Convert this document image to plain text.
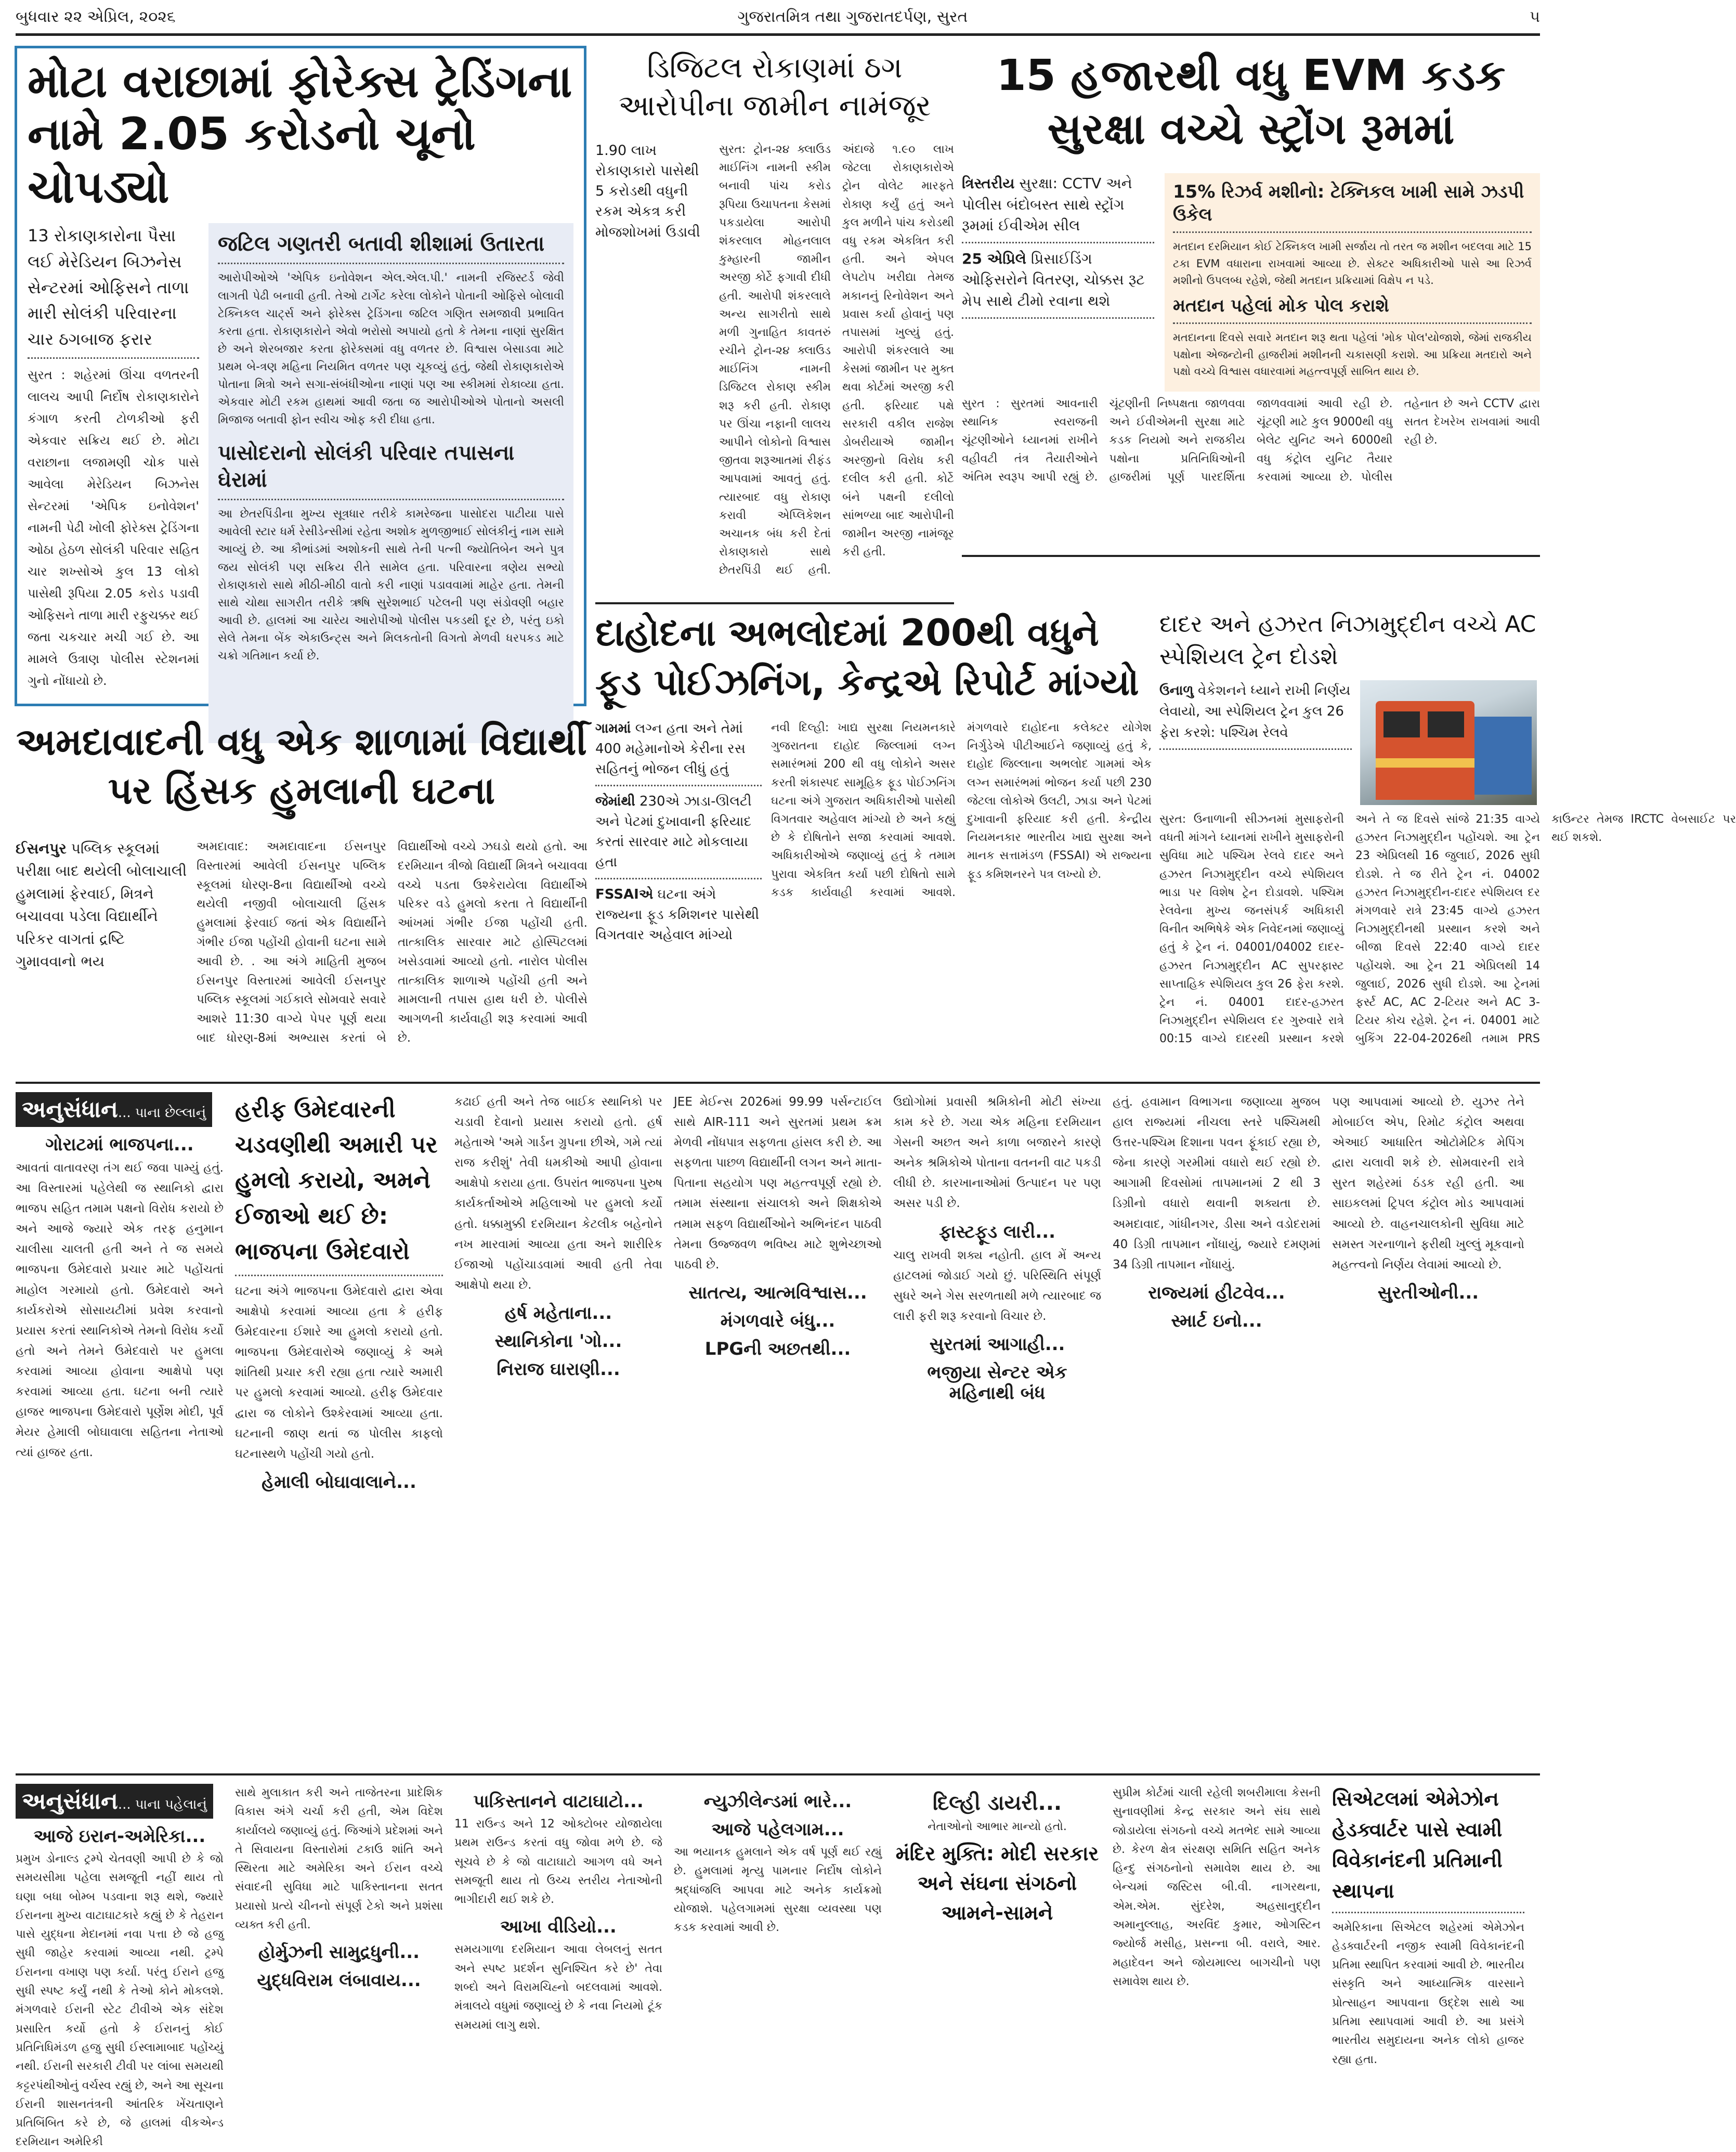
બુધવાર ૨૨ એપ્રિલ, ૨૦૨૬	ગુજરાતમિત્ર તથા ગુજરાતદર્પણ, સુરત	૫
મોટા વરાછામાં ફોરેક્સ ટ્રેડિંગના નામે 2.05 કરોડનો ચૂનો ચોપડ્યો
13 રોકાણકારોના પૈસા લઈ મેરેડિયન બિઝનેસ સેન્ટરમાં ઓફિસને તાળા મારી સોલંકી પરિવારના ચાર ઠગબાજ ફરાર
સુરત : શહેરમાં ઊંચા વળતરની લાલચ આપી નિર્દોષ રોકાણકારોને કંગાળ કરતી ટોળકીઓ ફરી એકવાર સક્રિય થઈ છે. મોટા વરાછાના લજામણી ચોક પાસે આવેલા મેરેડિયન બિઝનેસ સેન્ટરમાં 'એપિક ઇનોવેશન' નામની પેઢી ખોલી ફોરેક્સ ટ્રેડિંગના ઓઠા હેઠળ સોલંકી પરિવાર સહિત ચાર શખ્સોએ કુલ 13 લોકો પાસેથી રૂપિયા 2.05 કરોડ પડાવી ઓફિસને તાળા મારી રફુચક્કર થઈ જતા ચકચાર મચી ગઈ છે. આ મામલે ઉત્રાણ પોલીસ સ્ટેશનમાં ગુનો નોંધાયો છે.
જટિલ ગણતરી બતાવી શીશામાં ઉતારતા
આરોપીઓએ 'એપિક ઇનોવેશન એલ.એલ.પી.' નામની રજિસ્ટર્ડ જેવી લાગતી પેઢી બનાવી હતી. તેઓ ટાર્ગેટ કરેલા લોકોને પોતાની ઓફિસે બોલાવી ટેક્નિકલ ચાર્ટ્સ અને ફોરેક્સ ટ્રેડિંગના જટિલ ગણિત સમજાવી પ્રભાવિત કરતા હતા. રોકાણકારોને એવો ભરોસો અપાયો હતો કે તેમના નાણાં સુરક્ષિત છે અને શેરબજાર કરતા ફોરેક્સમાં વધુ વળતર છે. વિશ્વાસ બેસાડવા માટે પ્રથમ બે-ત્રણ મહિના નિયમિત વળતર પણ ચૂકવ્યું હતું, જેથી રોકાણકારોએ પોતાના મિત્રો અને સગા-સંબંધીઓના નાણાં પણ આ સ્કીમમાં રોકાવ્યા હતા. એકવાર મોટી રકમ હાથમાં આવી જતા જ આરોપીઓએ પોતાનો અસલી મિજાજ બતાવી ફોન સ્વીચ ઓફ કરી દીધા હતા.
પાસોદરાનો સોલંકી પરિવાર તપાસના ઘેરામાં
આ છેતરપિંડીના મુખ્ય સૂત્રધાર તરીકે કામરેજના પાસોદરા પાટીયા પાસે આવેલી સ્ટાર ધર્મ રેસીડેન્સીમાં રહેતા અશોક મુળજીભાઈ સોલંકીનું નામ સામે આવ્યું છે. આ કૌભાંડમાં અશોકની સાથે તેની પત્ની જ્યોતિબેન અને પુત્ર જય સોલંકી પણ સક્રિય રીતે સામેલ હતા. પરિવારના ત્રણેય સભ્યો રોકાણકારો સાથે મીઠી-મીઠી વાતો કરી નાણાં પડાવવામાં માહેર હતા. તેમની સાથે ચોથા સાગરીત તરીકે ઋષિ સુરેશભાઈ પટેલની પણ સંડોવણી બહાર આવી છે. હાલમાં આ ચારેય આરોપીઓ પોલીસ પકડથી દૂર છે, પરંતુ ઇકો સેલે તેમના બેંક એકાઉન્ટ્સ અને મિલકતોની વિગતો મેળવી ધરપકડ માટે ચક્રો ગતિમાન કર્યા છે.
ડિજિટલ રોકાણમાં ઠગ આરોપીના જામીન નામંજૂર
1.90 લાખ રોકાણકારો પાસેથી 5 કરોડથી વધુની રકમ એકત્ર કરી મોજશોખમાં ઉડાવી
સુરત: ટ્રોન-૨૪ ક્લાઉડ માઈનિંગ નામની સ્કીમ બનાવી પાંચ કરોડ રૂપિયા ઉચાપતના કેસમાં પકડાયેલા આરોપી શંકરલાલ મોહનલાલ કુમ્હારની જામીન અરજી કોર્ટે ફગાવી દીધી હતી. આરોપી શંકરલાલે અન્ય સાગરીતો સાથે મળી ગુનાહિત કાવતરું રચીને ટ્રોન-૨૪ ક્લાઉડ માઈનિંગ નામની ડિજિટલ રોકાણ સ્કીમ શરૂ કરી હતી. રોકાણ પર ઊંચા નફાની લાલચ આપીને લોકોનો વિશ્વાસ જીતવા શરૂઆતમાં રીફંડ આપવામાં આવતું હતું. ત્યારબાદ વધુ રોકાણ કરાવી એપ્લિકેશન અચાનક બંધ કરી દેતાં રોકાણકારો સાથે છેતરપિંડી થઈ હતી. અંદાજે ૧.૯૦ લાખ જેટલા રોકાણકારોએ ટ્રોન વોલેટ મારફતે રોકાણ કર્યું હતું અને કુલ મળીને પાંચ કરોડથી વધુ રકમ એકત્રિત કરી હતી. અને એપલ લેપટોપ ખરીદ્યા તેમજ મકાનનું રિનોવેશન અને પ્રવાસ કર્યા હોવાનું પણ તપાસમાં ખુલ્યું હતું. આરોપી શંકરલાલે આ કેસમાં જામીન પર મુક્ત થવા કોર્ટમાં અરજી કરી હતી. ફરિયાદ પક્ષે સરકારી વકીલ રાજેશ ડોબરીયાએ જામીન અરજીનો વિરોધ કરી દલીલ કરી હતી. કોર્ટે બંને પક્ષની દલીલો સાંભળ્યા બાદ આરોપીની જામીન અરજી નામંજૂર કરી હતી.
15 હજારથી વધુ EVM કડક સુરક્ષા વચ્ચે સ્ટ્રોંગ રૂમમાં
ત્રિસ્તરીય સુરક્ષા: CCTV અને પોલીસ બંદોબસ્ત સાથે સ્ટ્રોંગ રૂમમાં ઈવીએમ સીલ
25 એપ્રિલે પ્રિસાઈડિંગ ઓફિસરોને વિતરણ, ચોક્કસ રૂટ મેપ સાથે ટીમો રવાના થશે
15% રિઝર્વ મશીનો: ટેક્નિકલ ખામી સામે ઝડપી ઉકેલ
મતદાન દરમિયાન કોઈ ટેક્નિકલ ખામી સર્જાય તો તરત જ મશીન બદલવા માટે 15 ટકા EVM વધારાના રાખવામાં આવ્યા છે. સેક્ટર અધિકારીઓ પાસે આ રિઝર્વ મશીનો ઉપલબ્ધ રહેશે, જેથી મતદાન પ્રક્રિયામાં વિક્ષેપ ન પડે.
મતદાન પહેલાં મોક પોલ કરાશે
મતદાનના દિવસે સવારે મતદાન શરૂ થતા પહેલાં 'મોક પોલ'યોજાશે, જેમાં રાજકીય પક્ષોના એજન્ટોની હાજરીમાં મશીનની ચકાસણી કરાશે. આ પ્રક્રિયા મતદારો અને પક્ષો વચ્ચે વિશ્વાસ વધારવામાં મહત્ત્વપૂર્ણ સાબિત થાય છે.
સુરત : સુરતમાં આવનારી સ્થાનિક સ્વરાજની ચૂંટણીઓને ધ્યાનમાં રાખીને વહીવટી તંત્ર તૈયારીઓને અંતિમ સ્વરૂપ આપી રહ્યું છે. ચૂંટણીની નિષ્પક્ષતા જાળવવા અને ઈવીએમની સુરક્ષા માટે કડક નિયમો અને રાજકીય પક્ષોના પ્રતિનિધિઓની હાજરીમાં પૂર્ણ પારદર્શિતા જાળવવામાં આવી રહી છે. ચૂંટણી માટે કુલ 9000થી વધુ બેલેટ યુનિટ અને 6000થી વધુ કંટ્રોલ યુનિટ તૈયાર કરવામાં આવ્યા છે. પોલીસ તહેનાત છે અને CCTV દ્વારા સતત દેખરેખ રાખવામાં આવી રહી છે.
અમદાવાદની વધુ એક શાળામાં વિદ્યાર્થી પર હિંસક હુમલાની ઘટના
ઈસનપુર પબ્લિક સ્કૂલમાં પરીક્ષા બાદ થયેલી બોલાચાલી હુમલામાં ફેરવાઈ, મિત્રને બચાવવા પડેલા વિદ્યાર્થીને પરિકર વાગતાં દ્રષ્ટિ ગુમાવવાનો ભય
અમદાવાદ: અમદાવાદના ઈસનપુર વિસ્તારમાં આવેલી ઈસનપુર પબ્લિક સ્કૂલમાં ધોરણ-8ના વિદ્યાર્થીઓ વચ્ચે થયેલી નજીવી બોલાચાલી હિંસક હુમલામાં ફેરવાઈ જતાં એક વિદ્યાર્થીને ગંભીર ઈજા પહોંચી હોવાની ઘટના સામે આવી છે. . આ અંગે માહિતી મુજબ ઈસનપુર વિસ્તારમાં આવેલી ઈસનપુર પબ્લિક સ્કૂલમાં ગઈકાલે સોમવારે સવારે આશરે 11:30 વાગ્યે પેપર પૂર્ણ થયા બાદ ધોરણ-8માં અભ્યાસ કરતાં બે વિદ્યાર્થીઓ વચ્ચે ઝઘડો થયો હતો. આ દરમિયાન ત્રીજો વિદ્યાર્થી મિત્રને બચાવવા વચ્ચે પડતા ઉશ્કેરાયેલા વિદ્યાર્થીએ પરિકર વડે હુમલો કરતા તે વિદ્યાર્થીની આંખમાં ગંભીર ઈજા પહોંચી હતી. તાત્કાલિક સારવાર માટે હોસ્પિટલમાં ખસેડવામાં આવ્યો હતો. નારોલ પોલીસ તાત્કાલિક શાળાએ પહોંચી હતી અને મામલાની તપાસ હાથ ધરી છે. પોલીસે આગળની કાર્યવાહી શરૂ કરવામાં આવી છે.
દાહોદના અભલોદમાં 200થી વધુને ફૂડ પોઈઝનિંગ, કેન્દ્રએ રિપોર્ટ માંગ્યો
ગામમાં લગ્ન હતા અને તેમાં 400 મહેમાનોએ કેરીના રસ સહિતનું ભોજન લીધું હતું
જેમાંથી 230એ ઝાડા-ઊલટી અને પેટમાં દુખાવાની ફરિયાદ કરતાં સારવાર માટે મોકલાયા હતા
FSSAIએ ઘટના અંગે રાજ્યના ફૂડ કમિશનર પાસેથી વિગતવાર અહેવાલ માંગ્યો
નવી દિલ્હી: ખાદ્ય સુરક્ષા નિયમનકારે ગુજરાતના દાહોદ જિલ્લામાં લગ્ન સમારંભમાં 200 થી વધુ લોકોને અસર કરતી શંકાસ્પદ સામૂહિક ફૂડ પોઈઝનિંગ ઘટના અંગે ગુજરાત અધિકારીઓ પાસેથી વિગતવાર અહેવાલ માંગ્યો છે અને કહ્યું છે કે દોષિતોને સજા કરવામાં આવશે. અધિકારીઓએ જણાવ્યું હતું કે તમામ પુરાવા એકત્રિત કર્યા પછી દોષિતો સામે કડક કાર્યવાહી કરવામાં આવશે. મંગળવારે દાહોદના કલેક્ટર યોગેશ નિર્ગુડેએ પીટીઆઈને જણાવ્યું હતું કે, દાહોદ જિલ્લાના અભલોદ ગામમાં એક લગ્ન સમારંભમાં ભોજન કર્યા પછી 230 જેટલા લોકોએ ઉલટી, ઝાડા અને પેટમાં દુખાવાની ફરિયાદ કરી હતી. કેન્દ્રીય નિયમનકાર ભારતીય ખાદ્ય સુરક્ષા અને માનક સત્તામંડળ (FSSAI) એ રાજ્યના ફૂડ કમિશનરને પત્ર લખ્યો છે.
દાદર અને હઝરત નિઝામુદ્દીન વચ્ચે AC સ્પેશિયલ ટ્રેન દોડશે
ઉનાળુ વેકેશનને ધ્યાને રાખી નિર્ણય લેવાયો, આ સ્પેશિયલ ટ્રેન કુલ 26 ફેરા કરશે: પશ્ચિમ રેલવે
સુરત: ઉનાળાની સીઝનમાં મુસાફરોની વધતી માંગને ધ્યાનમાં રાખીને મુસાફરોની સુવિધા માટે પશ્ચિમ રેલવે દાદર અને હઝરત નિઝામુદ્દીન વચ્ચે સ્પેશિયલ ભાડા પર વિશેષ ટ્રેન દોડાવશે. પશ્ચિમ રેલવેના મુખ્ય જનસંપર્ક અધિકારી વિનીત અભિષેકે એક નિવેદનમાં જણાવ્યું હતું કે ટ્રેન નં. 04001/04002 દાદર-હઝરત નિઝામુદ્દીન AC સુપરફાસ્ટ સાપ્તાહિક સ્પેશિયલ કુલ 26 ફેરા કરશે. ટ્રેન નં. 04001 દાદર-હઝરત નિઝામુદ્દીન સ્પેશિયલ દર ગુરુવારે રાત્રે 00:15 વાગ્યે દાદરથી પ્રસ્થાન કરશે અને તે જ દિવસે સાંજે 21:35 વાગ્યે હઝરત નિઝામુદ્દીન પહોંચશે. આ ટ્રેન 23 એપ્રિલથી 16 જુલાઈ, 2026 સુધી દોડશે. તે જ રીતે ટ્રેન નં. 04002 હઝરત નિઝામુદ્દીન-દાદર સ્પેશિયલ દર મંગળવારે રાત્રે 23:45 વાગ્યે હઝરત નિઝામુદ્દીનથી પ્રસ્થાન કરશે અને બીજા દિવસે 22:40 વાગ્યે દાદર પહોંચશે. આ ટ્રેન 21 એપ્રિલથી 14 જુલાઈ, 2026 સુધી દોડશે. આ ટ્રેનમાં ફર્સ્ટ AC, AC 2-ટિયર અને AC 3-ટિયર કોચ રહેશે. ટ્રેન નં. 04001 માટે બુકિંગ 22-04-2026થી તમામ PRS કાઉન્ટર તેમજ IRCTC વેબસાઈટ પર થઈ શકશે.
અનુસંધાન... પાના છેલ્લાનું
ગોરાટમાં ભાજપના...
આવતાં વાતાવરણ તંગ થઈ જવા પામ્યું હતું. આ વિસ્તારમાં પહેલેથી જ સ્થાનિકો દ્વારા ભાજપ સહિત તમામ પક્ષનો વિરોધ કરાયો છે અને આજે જ્યારે એક તરફ હનુમાન ચાલીસા ચાલતી હતી અને તે જ સમયે ભાજપના ઉમેદવારો પ્રચાર માટે પહોંચતાં માહોલ ગરમાયો હતો. ઉમેદવારો અને કાર્યકરોએ સોસાયટીમાં પ્રવેશ કરવાનો પ્રયાસ કરતાં સ્થાનિકોએ તેમનો વિરોધ કર્યો હતો અને તેમને ઉમેદવારો પર હુમલા કરવામાં આવ્યા હોવાના આક્ષેપો પણ કરવામાં આવ્યા હતા. ઘટના બની ત્યારે હાજર ભાજપના ઉમેદવારો પૂર્ણેશ મોદી, પૂર્વ મેયર હેમાલી બોઘાવાલા સહિતના નેતાઓ ત્યાં હાજર હતા.
હરીફ ઉમેદવારની ચડવણીથી અમારી પર હુમલો કરાયો, અમને ઈજાઓ થઈ છે: ભાજપના ઉમેદવારો
ઘટના અંગે ભાજપના ઉમેદવારો દ્વારા એવા આક્ષેપો કરવામાં આવ્યા હતા કે હરીફ ઉમેદવારના ઈશારે આ હુમલો કરાયો હતો. ભાજપના ઉમેદવારોએ જણાવ્યું કે અમે શાંતિથી પ્રચાર કરી રહ્યા હતા ત્યારે અમારી પર હુમલો કરવામાં આવ્યો. હરીફ ઉમેદવાર દ્વારા જ લોકોને ઉશ્કેરવામાં આવ્યા હતા. ઘટનાની જાણ થતાં જ પોલીસ કાફલો ઘટનાસ્થળે પહોંચી ગયો હતો.
હેમાલી બોઘાવાલાને...
કઢાઈ હતી અને તેજ બાઈક સ્થાનિકો પર ચડાવી દેવાનો પ્રયાસ કરાયો હતો. હર્ષ મહેતાએ 'અમે ગાર્ડન ગ્રુપના છીએ, ગમે ત્યાં રાજ કરીશું' તેવી ધમકીઓ આપી હોવાના આક્ષેપો કરાયા હતા. ઉપરાંત ભાજપના પુરુષ કાર્યકર્તાઓએ મહિલાઓ પર હુમલો કર્યો હતો. ધક્કામુક્કી દરમિયાન કેટલીક બહેનોને નખ મારવામાં આવ્યા હતા અને શારીરિક ઈજાઓ પહોંચાડવામાં આવી હતી તેવા આક્ષેપો થયા છે.
હર્ષ મહેતાના...
સ્થાનિકોના 'ગો...
નિરાજ ઘારાણી...
JEE મેઈન્સ 2026માં 99.99 પર્સન્ટાઈલ સાથે AIR-111 અને સુરતમાં પ્રથમ ક્રમ મેળવી નોંધપાત્ર સફળતા હાંસલ કરી છે. આ સફળતા પાછળ વિદ્યાર્થીની લગન અને માતા-પિતાના સહયોગ પણ મહત્ત્વપૂર્ણ રહ્યો છે. તમામ સંસ્થાના સંચાલકો અને શિક્ષકોએ તમામ સફળ વિદ્યાર્થીઓને અભિનંદન પાઠવી તેમના ઉજ્જવળ ભવિષ્ય માટે શુભેચ્છાઓ પાઠવી છે.
સાતત્ય, આત્મવિશ્વાસ...
મંગળવારે બંધુ...
LPGની અછતથી...
ઉદ્યોગોમાં પ્રવાસી શ્રમિકોની મોટી સંખ્યા કામ કરે છે. ગયા એક મહિના દરમિયાન ગેસની અછત અને કાળા બજારને કારણે અનેક શ્રમિકોએ પોતાના વતનની વાટ પકડી લીધી છે. કારખાનાઓમાં ઉત્પાદન પર પણ અસર પડી છે.
ફાસ્ટફૂડ લારી...
ચાલુ રાખવી શક્ય નહોતી. હાલ મેં અન્ય હાટલમાં જોડાઈ ગયો છું. પરિસ્થિતિ સંપૂર્ણ સુધરે અને ગેસ સરળતાથી મળે ત્યારબાદ જ લારી ફરી શરૂ કરવાનો વિચાર છે.
સુરતમાં આગાહી...
ભજીયા સેન્ટર એક મહિનાથી બંધ
હતું. હવામાન વિભાગના જણાવ્યા મુજબ હાલ રાજ્યમાં નીચલા સ્તરે પશ્ચિમથી ઉત્તર-પશ્ચિમ દિશાના પવન ફૂંકાઈ રહ્યા છે, જેના કારણે ગરમીમાં વધારો થઈ રહ્યો છે. આગામી દિવસોમાં તાપમાનમાં 2 થી 3 ડિગ્રીનો વધારો થવાની શક્યતા છે. અમદાવાદ, ગાંધીનગર, ડીસા અને વડોદરામાં 40 ડિગ્રી તાપમાન નોંધાયું, જ્યારે દમણમાં 34 ડિગ્રી તાપમાન નોંધાયું.
રાજ્યમાં હીટવેવ...
સ્માર્ટ ઇનો...
પણ આપવામાં આવ્યો છે. યુઝર તેને મોબાઈલ એપ, રિમોટ કંટ્રોલ અથવા એઆઈ આધારિત ઓટોમેટિક મેપિંગ દ્વારા ચલાવી શકે છે. સોમવારની રાત્રે સુરત શહેરમાં ઠંડક રહી હતી. આ સાઇકલમાં ટ્રિપલ કંટ્રોલ મોડ આપવામાં આવ્યો છે. વાહનચાલકોની સુવિધા માટે સમસ્ત ગરનાળાને ફરીથી ખુલ્લું મૂકવાનો મહત્ત્વનો નિર્ણય લેવામાં આવ્યો છે.
સુરતીઓની...
અનુસંધાન... પાના પહેલાનું
આજે ઇરાન-અમેરિકા...
પ્રમુખ ડોનાલ્ડ ટ્રમ્પે ચેતવણી આપી છે કે જો સમયસીમા પહેલા સમજૂતી નહીં થાય તો ઘણા બધા બોમ્બ પડવાના શરૂ થશે, જ્યારે ઈરાનના મુખ્ય વાટાઘાટકારે કહ્યું છે કે તેહરાન પાસે યુદ્ધના મેદાનમાં નવા પત્તા છે જે હજુ સુધી જાહેર કરવામાં આવ્યા નથી. ટ્રમ્પે ઈરાનના વખાણ પણ કર્યા. પરંતુ ઈરાને હજુ સુધી સ્પષ્ટ કર્યું નથી કે તેઓ કોને મોકલશે. મંગળવારે ઈરાની સ્ટેટ ટીવીએ એક સંદેશ પ્રસારિત કર્યો હતો કે ઈરાનનું કોઈ પ્રતિનિધિમંડળ હજુ સુધી ઈસ્લામાબાદ પહોંચ્યું નથી. ઈરાની સરકારી ટીવી પર લાંબા સમયથી કટ્ટરપંથીઓનું વર્ચસ્વ રહ્યું છે, અને આ સૂચના ઈરાની શાસનતંત્રની આંતરિક ખેંચતાણને પ્રતિબિંબિત કરે છે, જે હાલમાં વીકએન્ડ દરમિયાન અમેરિકી
સાથે મુલાકાત કરી અને તાજેતરના પ્રાદેશિક વિકાસ અંગે ચર્ચા કરી હતી, એમ વિદેશ કાર્યાલયે જણાવ્યું હતું. જિઆંગે પ્રદેશમાં અને તે સિવાયના વિસ્તારોમાં ટકાઉ શાંતિ અને સ્થિરતા માટે અમેરિકા અને ઈરાન વચ્ચે સંવાદની સુવિધા માટે પાકિસ્તાનના સતત પ્રયાસો પ્રત્યે ચીનનો સંપૂર્ણ ટેકો અને પ્રશંસા વ્યક્ત કરી હતી.
હોર્મુઝની સામુદ્રધુની...
યુદ્ધવિરામ લંબાવાય...
પાકિસ્તાનને વાટાઘાટો...
11 રાઉન્ડ અને 12 ઓક્ટોબર યોજાયેલા પ્રથમ રાઉન્ડ કરતાં વધુ જોવા મળે છે. જે સૂચવે છે કે જો વાટાઘાટો આગળ વધે અને સમજૂતી થાય તો ઉચ્ચ સ્તરીય નેતાઓની ભાગીદારી થઈ શકે છે.
આખા વીડિયો...
સમયગાળા દરમિયાન આવા લેબલનું સતત અને સ્પષ્ટ પ્રદર્શન સુનિશ્ચિત કરે છે' તેવા શબ્દો અને વિરામચિહ્નો બદલવામાં આવશે. મંત્રાલયે વધુમાં જણાવ્યું છે કે નવા નિયમો ટૂંક સમયમાં લાગુ થશે.
ન્યુઝીલેન્ડમાં ભારે...
આજે પહેલગામ...
આ ભયાનક હુમલાને એક વર્ષ પૂર્ણ થઈ રહ્યું છે. હુમલામાં મૃત્યુ પામનાર નિર્દોષ લોકોને શ્રદ્ધાંજલિ આપવા માટે અનેક કાર્યક્રમો યોજાશે. પહેલગામમાં સુરક્ષા વ્યવસ્થા પણ કડક કરવામાં આવી છે.
દિલ્હી ડાયરી...
નેતાઓનો આભાર માન્યો હતો.
મંદિર મુક્તિ: મોદી સરકાર અને સંઘના સંગઠનો આમને-સામને
સુપ્રીમ કોર્ટમાં ચાલી રહેલી શબરીમાલા કેસની સુનાવણીમાં કેન્દ્ર સરકાર અને સંઘ સાથે જોડાયેલા સંગઠનો વચ્ચે મતભેદ સામે આવ્યા છે. કેરળ ક્ષેત્ર સંરક્ષણ સમિતિ સહિત અનેક હિન્દુ સંગઠનોનો સમાવેશ થાય છે. આ બેન્ચમાં જસ્ટિસ બી.વી. નાગરથના, એમ.એમ. સુંદરેશ, અહસાનુદ્દીન અમાનુલ્લાહ, અરવિંદ કુમાર, ઓગસ્ટિન જ્યોર્જ મસીહ, પ્રસન્ના બી. વરાલે, આર. મહાદેવન અને જોયમાલ્ય બાગચીનો પણ સમાવેશ થાય છે.
સિએટલમાં એમેઝોન હેડક્વાર્ટર પાસે સ્વામી વિવેકાનંદની પ્રતિમાની સ્થાપના
અમેરિકાના સિએટલ શહેરમાં એમેઝોન હેડક્વાર્ટરની નજીક સ્વામી વિવેકાનંદની પ્રતિમા સ્થાપિત કરવામાં આવી છે. ભારતીય સંસ્કૃતિ અને આધ્યાત્મિક વારસાને પ્રોત્સાહન આપવાના ઉદ્દેશ સાથે આ પ્રતિમા સ્થાપવામાં આવી છે. આ પ્રસંગે ભારતીય સમુદાયના અનેક લોકો હાજર રહ્યા હતા.
